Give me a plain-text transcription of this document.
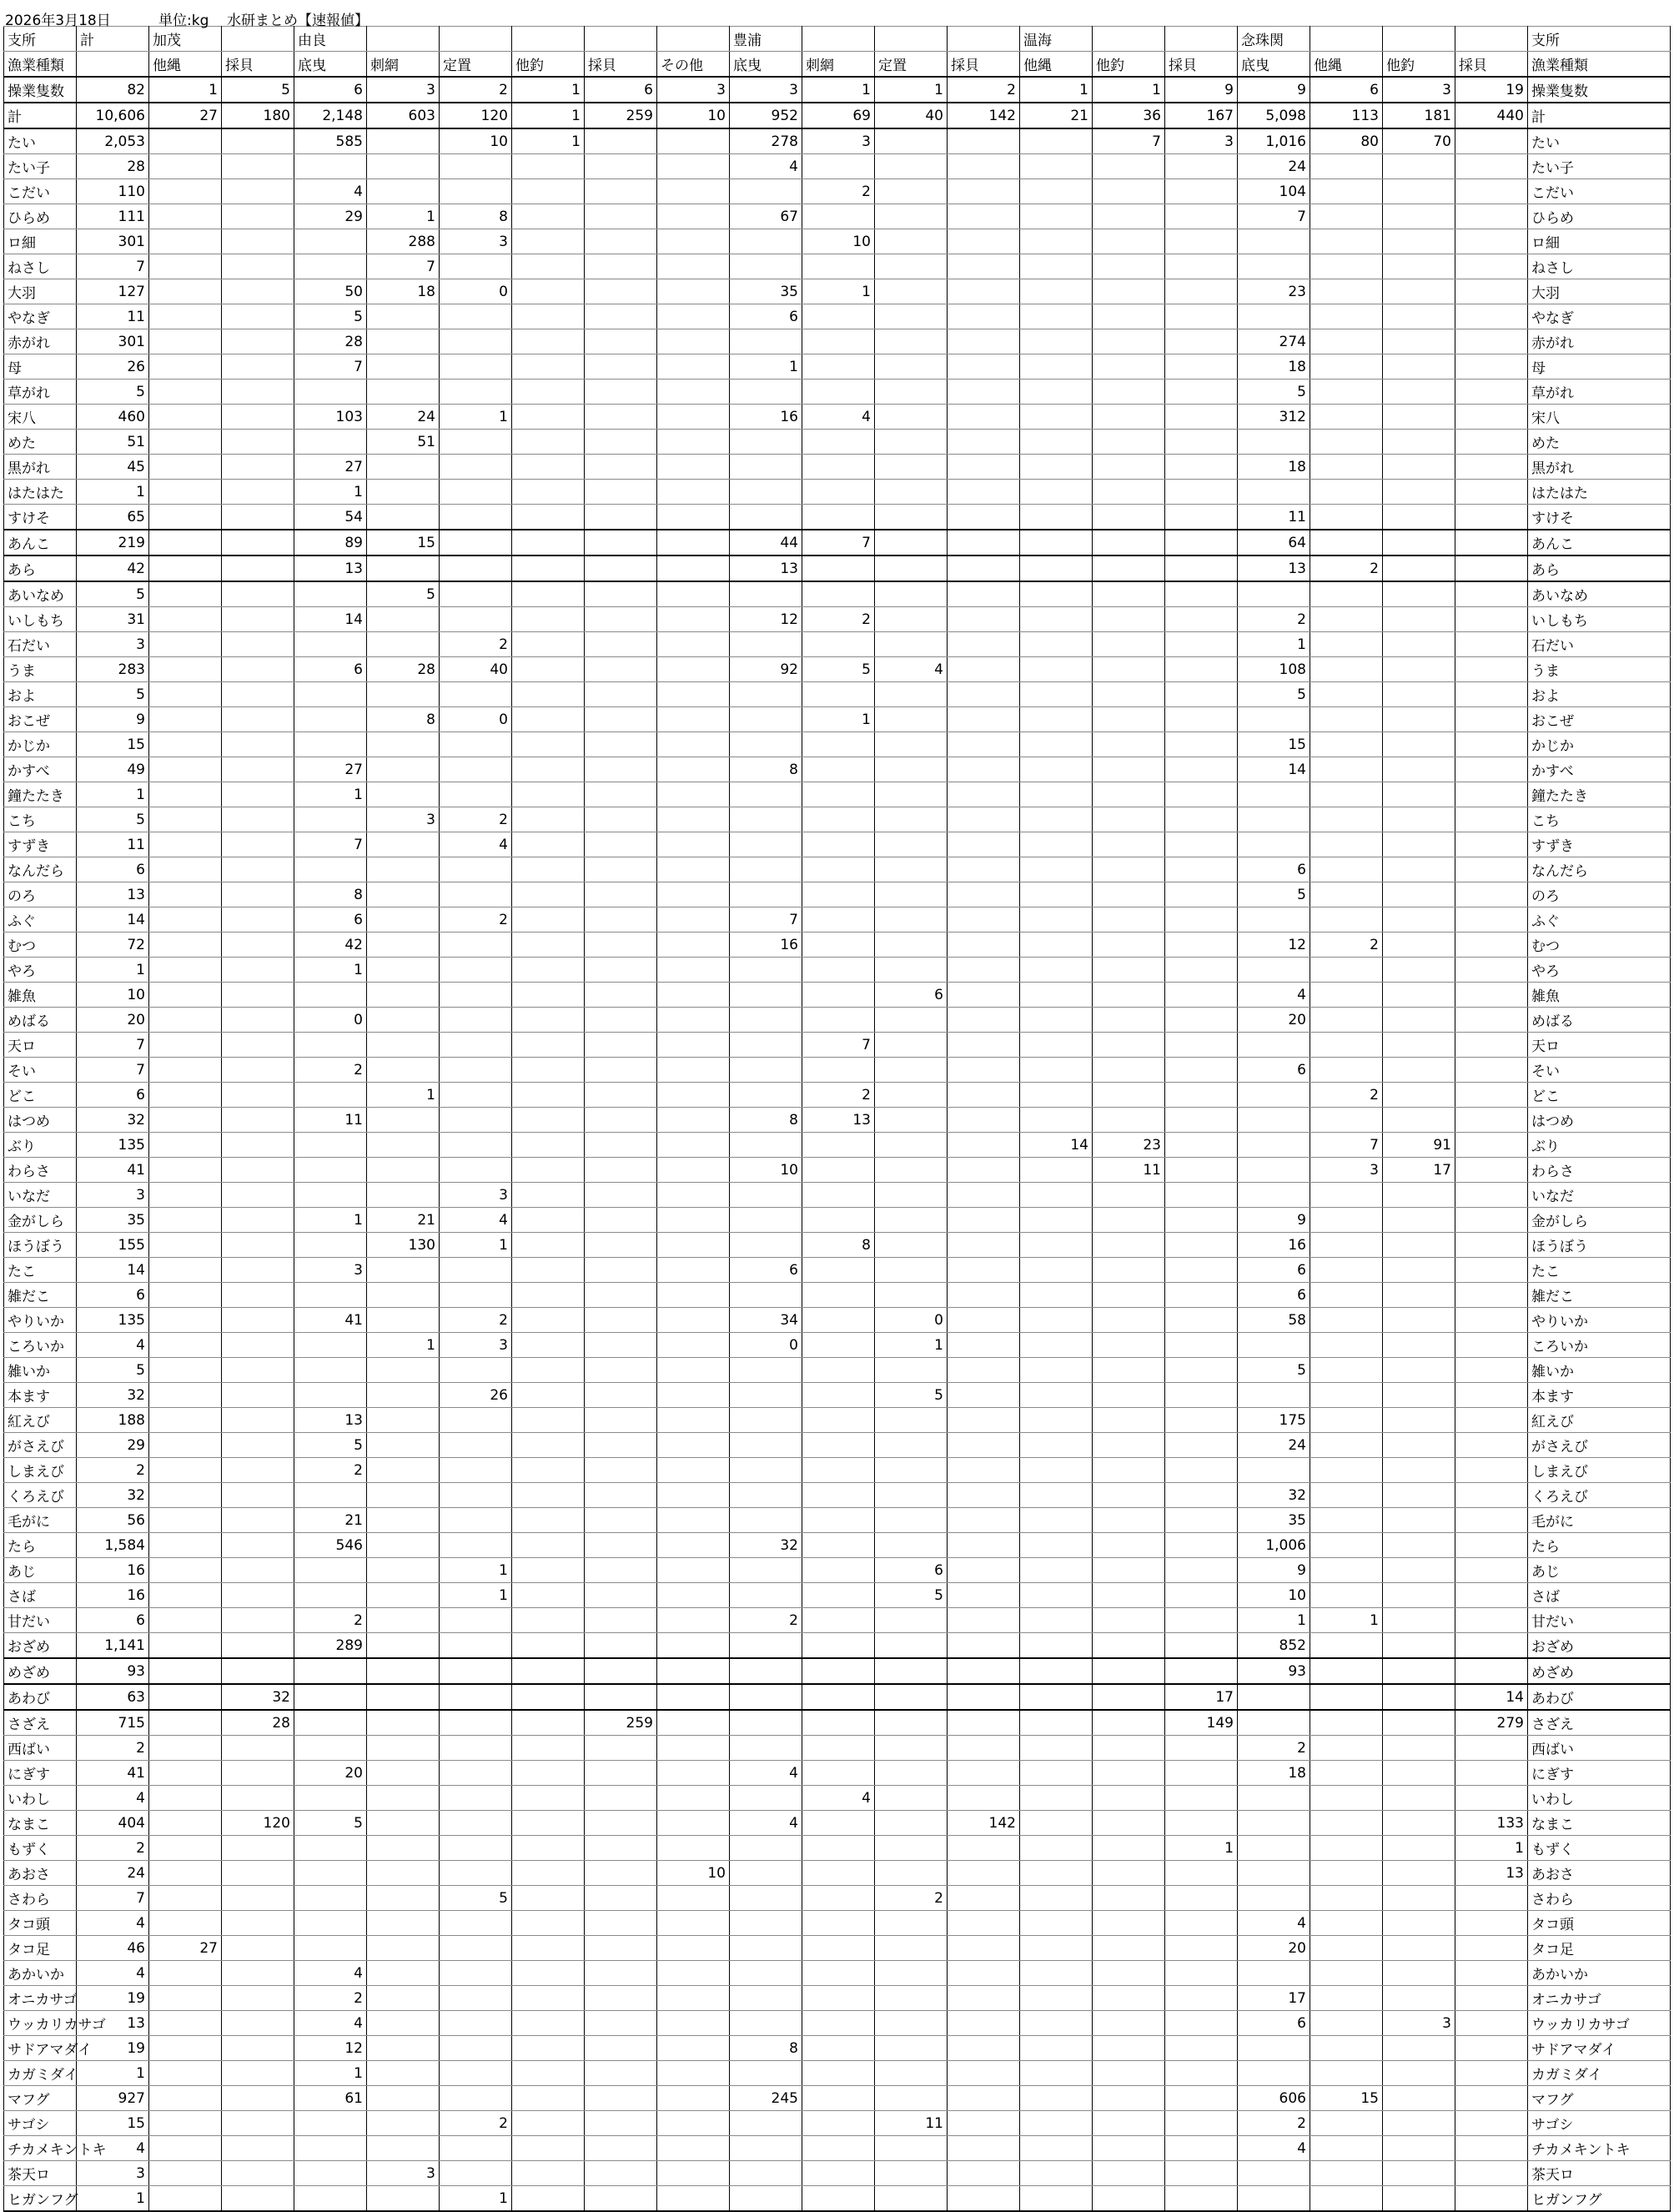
2026年3月18日	単位:kg 水研まとめ【速報値】
支所	計	加茂		由良						豊浦				温海			念珠関				支所
漁業種類		他縄	採貝	底曳	刺網	定置	他釣	採貝	その他	底曳	刺網	定置	採貝	他縄	他釣	採貝	底曳	他縄	他釣	採貝	漁業種類
操業隻数	82	1	5	6	3	2	1	6	3	3	1	1	2	1	1	9	9	6	3	19	操業隻数
計	10,606	27	180	2,148	603	120	1	259	10	952	69	40	142	21	36	167	5,098	113	181	440	計
たい	2,053			585		10	1			278	3				7	3	1,016	80	70		たい
たい子	28									4							24				たい子
こだい	110			4							2						104				こだい
ひらめ	111			29	1	8				67							7				ひらめ
ロ細	301				288	3					10										ロ細
ねさし	7				7																ねさし
大羽	127			50	18	0				35	1						23				大羽
やなぎ	11			5						6											やなぎ
赤がれ	301			28													274				赤がれ
母	26			7						1							18				母
草がれ	5																5				草がれ
宋八	460			103	24	1				16	4						312				宋八
めた	51				51																めた
黒がれ	45			27													18				黒がれ
はたはた	1			1																	はたはた
すけそ	65			54													11				すけそ
あんこ	219			89	15					44	7						64				あんこ
あら	42			13						13							13	2			あら
あいなめ	5				5																あいなめ
いしもち	31			14						12	2						2				いしもち
石だい	3					2											1				石だい
うま	283			6	28	40				92	5	4					108				うま
およ	5																5				およ
おこぜ	9				8	0					1										おこぜ
かじか	15																15				かじか
かすべ	49			27						8							14				かすべ
鐘たたき	1			1																	鐘たたき
こち	5				3	2															こち
すずき	11			7		4															すずき
なんだら	6																6				なんだら
のろ	13			8													5				のろ
ふぐ	14			6		2				7											ふぐ
むつ	72			42						16							12	2			むつ
やろ	1			1																	やろ
雑魚	10											6					4				雑魚
めばる	20			0													20				めばる
天ロ	7										7										天ロ
そい	7			2													6				そい
どこ	6				1						2							2			どこ
はつめ	32			11						8	13										はつめ
ぶり	135													14	23			7	91		ぶり
わらさ	41									10					11			3	17		わらさ
いなだ	3					3															いなだ
金がしら	35			1	21	4											9				金がしら
ほうぼう	155				130	1					8						16				ほうぼう
たこ	14			3						6							6				たこ
雑だこ	6																6				雑だこ
やりいか	135			41		2				34		0					58				やりいか
ころいか	4				1	3				0		1									ころいか
雑いか	5																5				雑いか
本ます	32					26						5									本ます
紅えび	188			13													175				紅えび
がさえび	29			5													24				がさえび
しまえび	2			2																	しまえび
くろえび	32																32				くろえび
毛がに	56			21													35				毛がに
たら	1,584			546						32							1,006				たら
あじ	16					1						6					9				あじ
さば	16					1						5					10				さば
甘だい	6			2						2							1	1			甘だい
おざめ	1,141			289													852				おざめ
めざめ	93																93				めざめ
あわび	63		32													17				14	あわび
さざえ	715		28					259								149				279	さざえ
西ばい	2																2				西ばい
にぎす	41			20						4							18				にぎす
いわし	4										4										いわし
なまこ	404		120	5						4			142							133	なまこ
もずく	2															1				1	もずく
あおさ	24								10											13	あおさ
さわら	7					5						2									さわら
タコ頭	4																4				タコ頭
タコ足	46	27															20				タコ足
あかいか	4			4																	あかいか
オニカサゴ	19			2													17				オニカサゴ
ウッカリカサゴ	13			4													6		3		ウッカリカサゴ
サドアマダイ	19			12						8											サドアマダイ
カガミダイ	1			1																	カガミダイ
マフグ	927			61						245							606	15			マフグ
サゴシ	15					2						11					2				サゴシ
チカメキントキ	4																4				チカメキントキ
茶天ロ	3				3																茶天ロ
ヒガンフグ	1					1															ヒガンフグ
